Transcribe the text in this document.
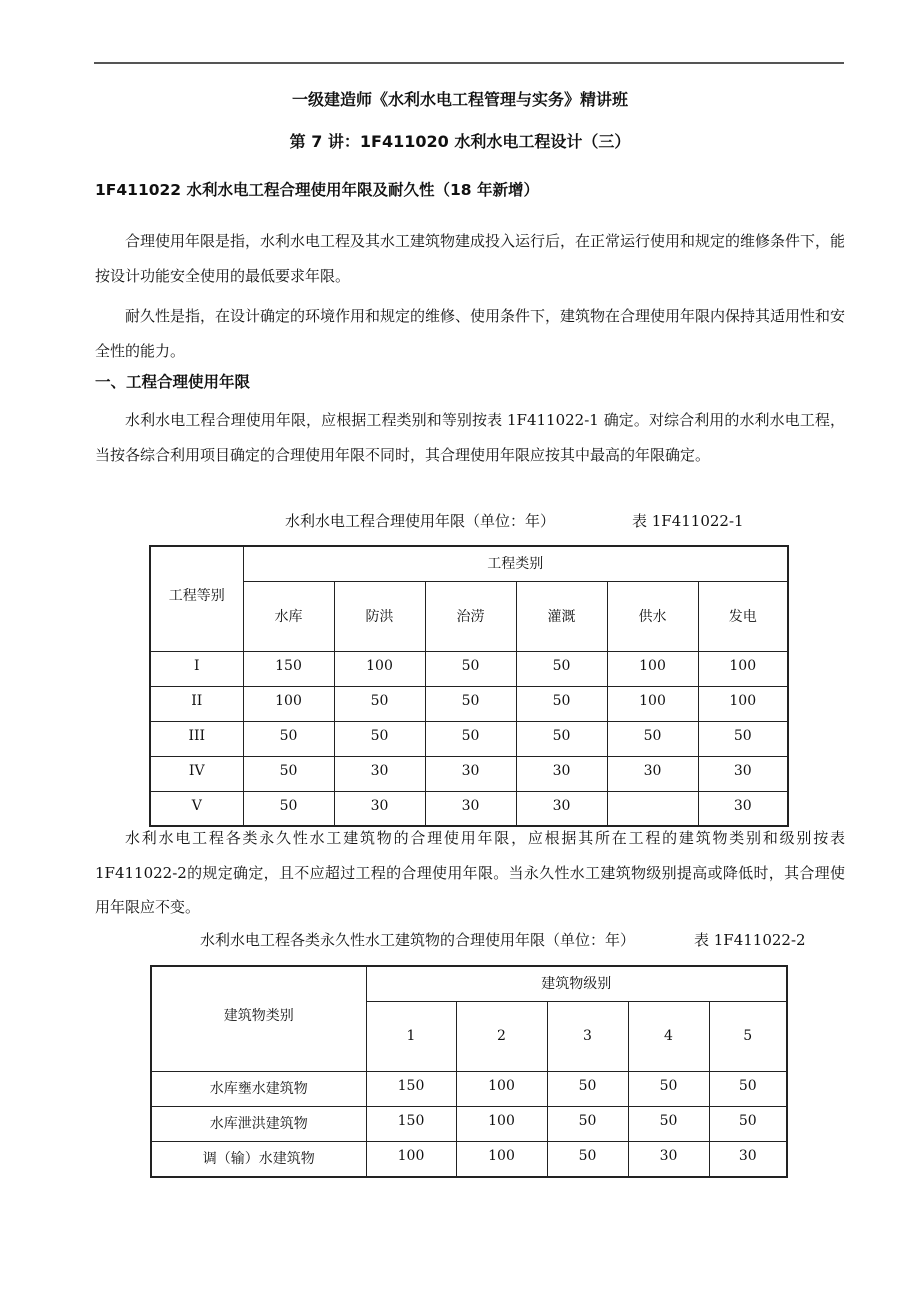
一级建造师《水利水电工程管理与实务》精讲班
第 7 讲：1F411020 水利水电工程设计（三）
1F411022 水利水电工程合理使用年限及耐久性（18 年新增）

合理使用年限是指，水利水电工程及其水工建筑物建成投入运行后，在正常运行使用和规定的维修条件下，能按设计功能安全使用的最低要求年限。

耐久性是指，在设计确定的环境作用和规定的维修、使用条件下，建筑物在合理使用年限内保持其适用性和安全性的能力。

一、工程合理使用年限

水利水电工程合理使用年限，应根据工程类别和等别按表 1F411022-1 确定。对综合利用的水利水电工程，当按各综合利用项目确定的合理使用年限不同时，其合理使用年限应按其中最高的年限确定。

水利水电工程合理使用年限（单位：年）	表 1F411022-1
工程等别	工程类别					
	水库	防洪	治涝	灌溉	供水	发电
I	150	100	50	50	100	100
II	100	50	50	50	100	100
III	50	50	50	50	50	50
IV	50	30	30	30	30	30
V	50	30	30	30		30

水利水电工程各类永久性水工建筑物的合理使用年限，应根据其所在工程的建筑物类别和级别按表1F411022-2的规定确定，且不应超过工程的合理使用年限。当永久性水工建筑物级别提高或降低时，其合理使用年限应不变。

水利水电工程各类永久性水工建筑物的合理使用年限（单位：年）	表 1F411022-2
建筑物类别	建筑物级别				
	1	2	3	4	5
水库壅水建筑物	150	100	50	50	50
水库泄洪建筑物	150	100	50	50	50
调（输）水建筑物	100	100	50	30	30
